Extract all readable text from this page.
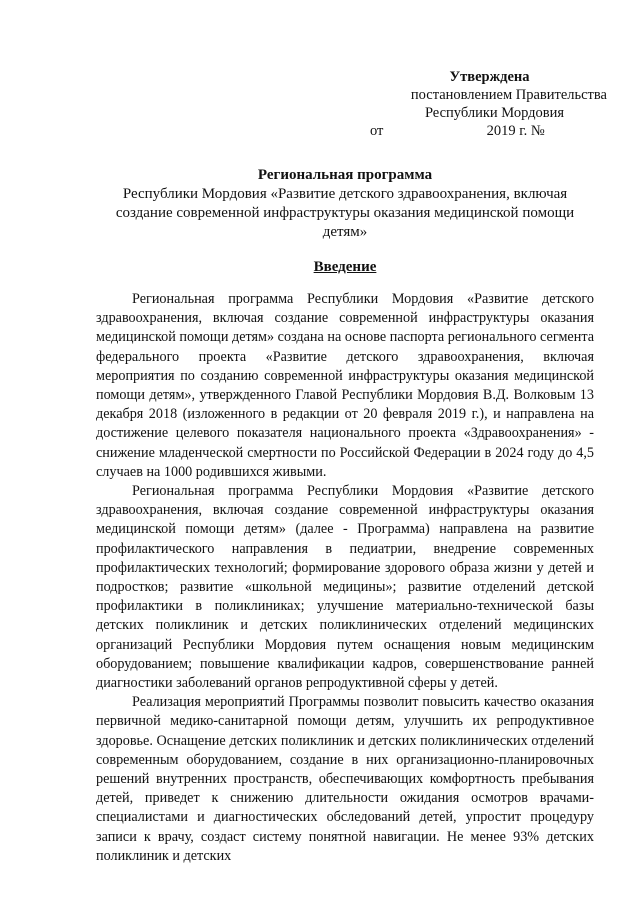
Утверждена
постановлением Правительства
Республики Мордовия
от	2019 г. №
Региональная программа
Республики Мордовия «Развитие детского здравоохранения, включая создание современной инфраструктуры оказания медицинской помощи детям»
Введение

Региональная программа Республики Мордовия «Развитие детского здравоохранения, включая создание современной инфраструктуры оказания медицинской помощи детям» создана на основе паспорта регионального сегмента федерального проекта «Развитие детского здравоохранения, включая мероприятия по созданию современной инфраструктуры оказания медицинской помощи детям», утвержденного Главой Республики Мордовия В.Д. Волковым 13 декабря 2018 (изложенного в редакции от 20 февраля 2019 г.), и направлена на достижение целевого показателя национального проекта «Здравоохранения» - снижение младенческой смертности по Российской Федерации в 2024 году до 4,5 случаев на 1000 родившихся живыми.

Региональная программа Республики Мордовия «Развитие детского здравоохранения, включая создание современной инфраструктуры оказания медицинской помощи детям» (далее - Программа) направлена на развитие профилактического направления в педиатрии, внедрение современных профилактических технологий; формирование здорового образа жизни у детей и подростков; развитие «школьной медицины»; развитие отделений детской профилактики в поликлиниках; улучшение материально-технической базы детских поликлиник и детских поликлинических отделений медицинских организаций Республики Мордовия путем оснащения новым медицинским оборудованием; повышение квалификации кадров, совершенствование ранней диагностики заболеваний органов репродуктивной сферы у детей.

Реализация мероприятий Программы позволит повысить качество оказания первичной медико-санитарной помощи детям, улучшить их репродуктивное здоровье. Оснащение детских поликлиник и детских поликлинических отделений современным оборудованием, создание в них организационно-планировочных решений внутренних пространств, обеспечивающих комфортность пребывания детей, приведет к снижению длительности ожидания осмотров врачами-специалистами и диагностических обследований детей, упростит процедуру записи к врачу, создаст систему понятной навигации. Не менее 93% детских поликлиник и детских
